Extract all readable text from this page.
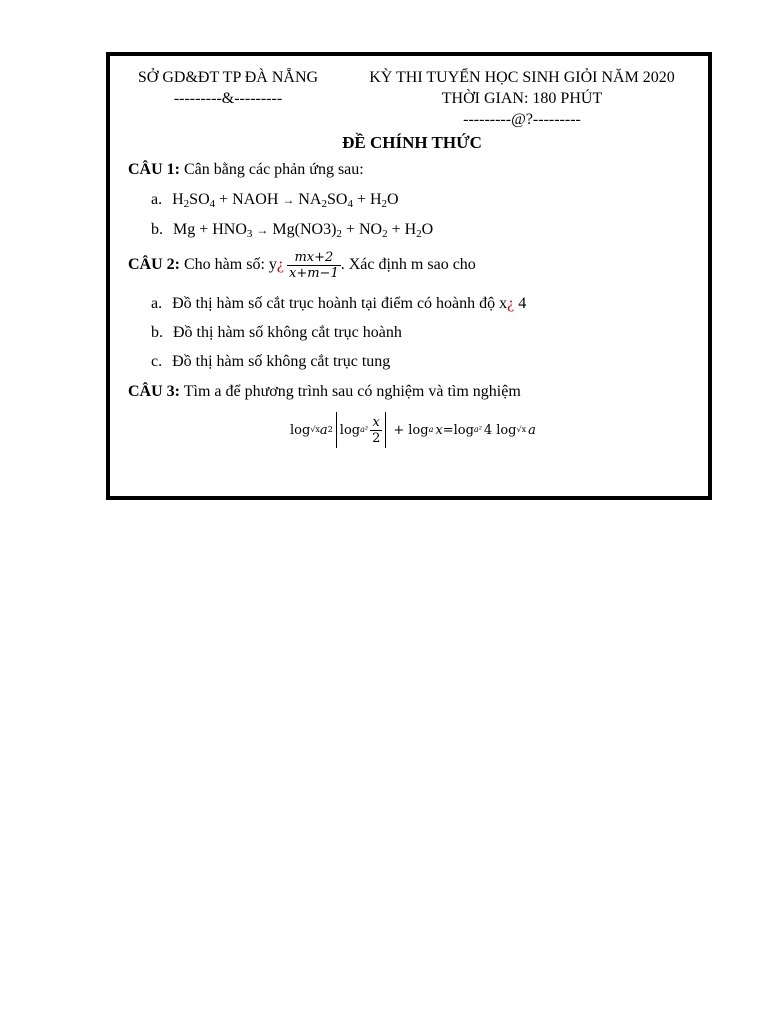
SỞ GD&ĐT TP ĐÀ NẴNG
---------&---------
KỲ THI TUYỂN HỌC SINH GIỎI NĂM 2020
THỜI GIAN: 180 PHÚT
---------@?---------
ĐỀ CHÍNH THỨC
CÂU 1: Cân bằng các phản ứng sau:
a. $H_2SO_4$ + NAOH → $NA_2SO_4 + H_2O$
b. $Mg + HNO_3 \to Mg(NO3)_2 + NO_2 + H_2O$
CÂU 2: Cho hàm số: y¿ $\frac{mx+2}{x+m-1}$ . Xác định m sao cho
a. Đồ thị hàm số cắt trục hoành tại điểm có hoành độ x¿ 4
b. Đồ thị hàm số không cắt trục hoành
c. Đồ thị hàm số không cắt trục tung
CÂU 3: Tìm a để phương trình sau có nghiệm và tìm nghiệm
log √x a 2 $\log a^2 \frac{x}{2} + \log a$ x = log a² 4 log √x a
